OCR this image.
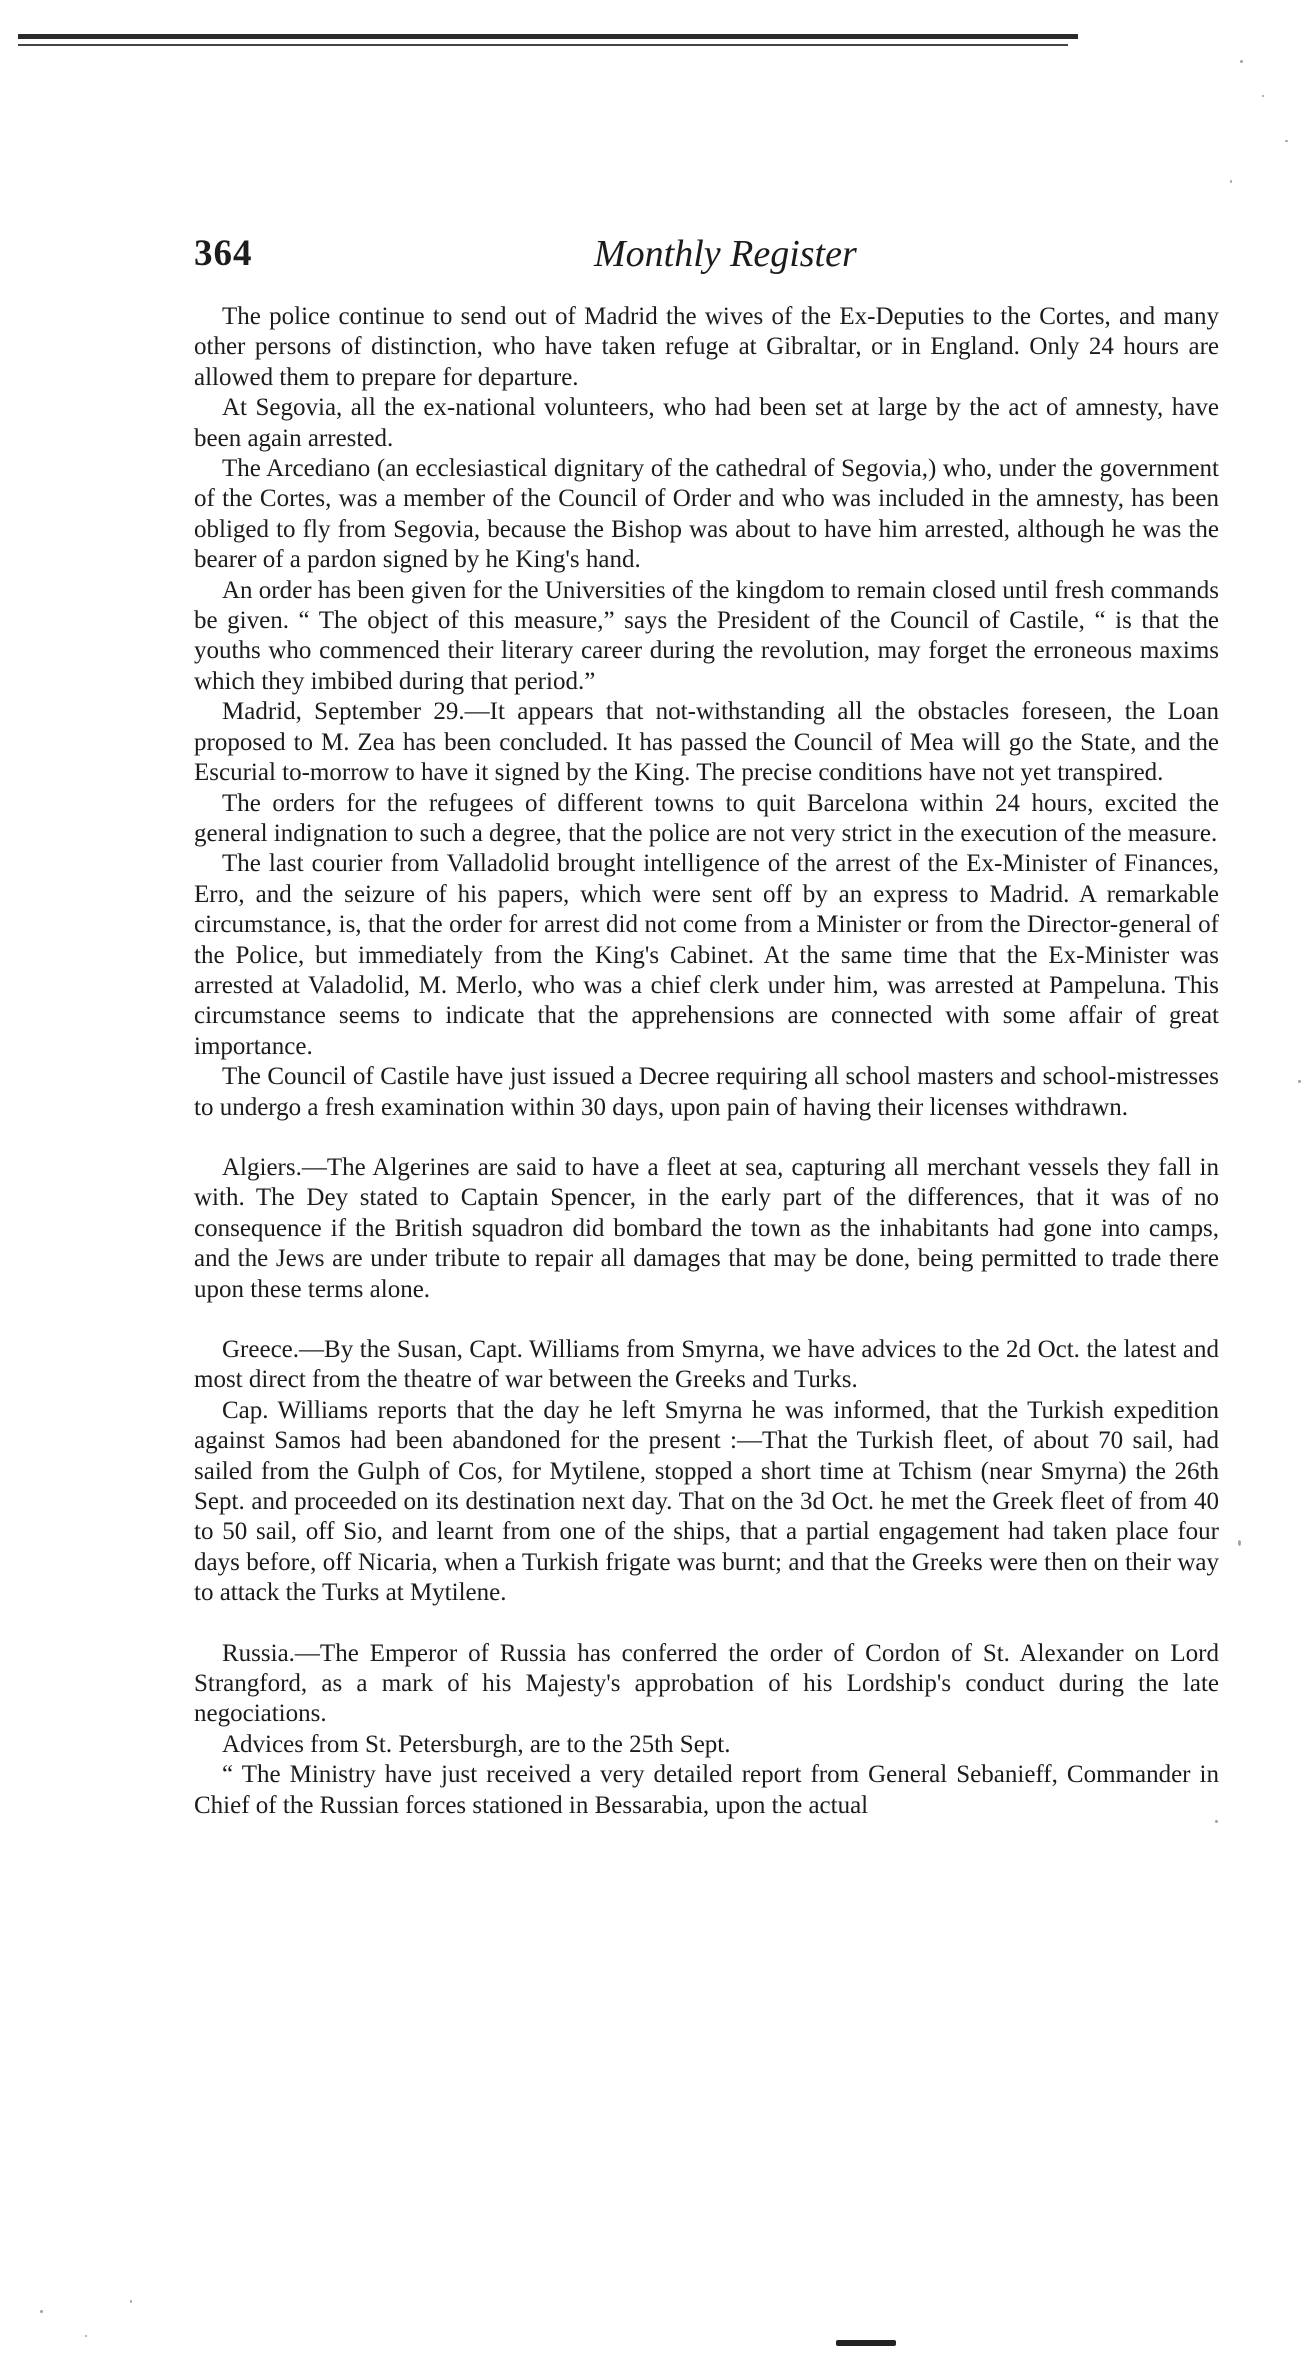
364	Monthly Register

The police continue to send out of Madrid the wives of the Ex-Deputies to the Cortes, and many other persons of distinction, who have taken refuge at Gibraltar, or in England. Only 24 hours are allowed them to prepare for departure.

At Segovia, all the ex-national volunteers, who had been set at large by the act of amnesty, have been again arrested.

The Arcediano (an ecclesiastical dignitary of the cathedral of Segovia,) who, under the government of the Cortes, was a member of the Council of Order and who was included in the amnesty, has been obliged to fly from Segovia, because the Bishop was about to have him arrested, although he was the bearer of a pardon signed by he King's hand.

An order has been given for the Universities of the kingdom to remain closed until fresh commands be given. “ The object of this measure,” says the President of the Council of Castile, “ is that the youths who commenced their literary career during the revolution, may forget the erroneous maxims which they imbibed during that period.”

Madrid, September 29.—It appears that not-withstanding all the obstacles foreseen, the Loan proposed to M. Zea has been concluded. It has passed the Council of Mea will go the State, and the Escurial to-morrow to have it signed by the King. The precise conditions have not yet transpired.

The orders for the refugees of different towns to quit Barcelona within 24 hours, excited the general indignation to such a degree, that the police are not very strict in the execution of the measure.

The last courier from Valladolid brought intelligence of the arrest of the Ex-Minister of Finances, Erro, and the seizure of his papers, which were sent off by an express to Madrid. A remarkable circumstance, is, that the order for arrest did not come from a Minister or from the Director-general of the Police, but immediately from the King's Cabinet. At the same time that the Ex-Minister was arrested at Valadolid, M. Merlo, who was a chief clerk under him, was arrested at Pampeluna. This circumstance seems to indicate that the apprehensions are connected with some affair of great importance.

The Council of Castile have just issued a Decree requiring all school masters and school-mistresses to undergo a fresh examination within 30 days, upon pain of having their licenses withdrawn.

Algiers.—The Algerines are said to have a fleet at sea, capturing all merchant vessels they fall in with. The Dey stated to Captain Spencer, in the early part of the differences, that it was of no consequence if the British squadron did bombard the town as the inhabitants had gone into camps, and the Jews are under tribute to repair all damages that may be done, being permitted to trade there upon these terms alone.

Greece.—By the Susan, Capt. Williams from Smyrna, we have advices to the 2d Oct. the latest and most direct from the theatre of war between the Greeks and Turks.

Cap. Williams reports that the day he left Smyrna he was informed, that the Turkish expedition against Samos had been abandoned for the present :—That the Turkish fleet, of about 70 sail, had sailed from the Gulph of Cos, for Mytilene, stopped a short time at Tchism (near Smyrna) the 26th Sept. and proceeded on its destination next day. That on the 3d Oct. he met the Greek fleet of from 40 to 50 sail, off Sio, and learnt from one of the ships, that a partial engagement had taken place four days before, off Nicaria, when a Turkish frigate was burnt; and that the Greeks were then on their way to attack the Turks at Mytilene.

Russia.—The Emperor of Russia has conferred the order of Cordon of St. Alexander on Lord Strangford, as a mark of his Majesty's approbation of his Lordship's conduct during the late negociations.

Advices from St. Petersburgh, are to the 25th Sept.

“ The Ministry have just received a very detailed report from General Sebanieff, Commander in Chief of the Russian forces stationed in Bessarabia, upon the actual
